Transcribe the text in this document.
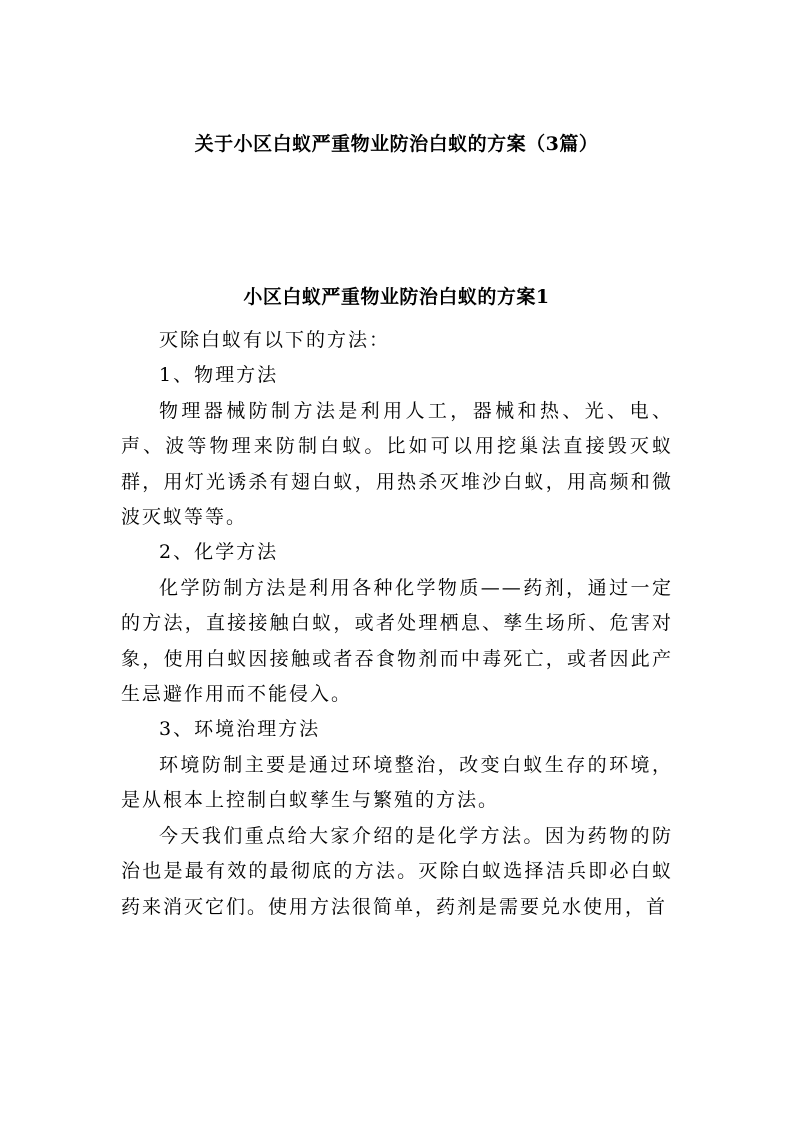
关于小区白蚁严重物业防治白蚁的方案（3篇）
小区白蚁严重物业防治白蚁的方案1

灭除白蚁有以下的方法：

1、物理方法

物理器械防制方法是利用人工，器械和热、光、电、声、波等物理来防制白蚁。比如可以用挖巢法直接毁灭蚁群，用灯光诱杀有翅白蚁，用热杀灭堆沙白蚁，用高频和微波灭蚁等等。

2、化学方法

化学防制方法是利用各种化学物质——药剂，通过一定的方法，直接接触白蚁，或者处理栖息、孳生场所、危害对象，使用白蚁因接触或者吞食物剂而中毒死亡，或者因此产生忌避作用而不能侵入。

3、环境治理方法

环境防制主要是通过环境整治，改变白蚁生存的环境，是从根本上控制白蚁孳生与繁殖的方法。

今天我们重点给大家介绍的是化学方法。因为药物的防治也是最有效的最彻底的方法。灭除白蚁选择洁兵即必白蚁药来消灭它们。使用方法很简单，药剂是需要兑水使用，首
